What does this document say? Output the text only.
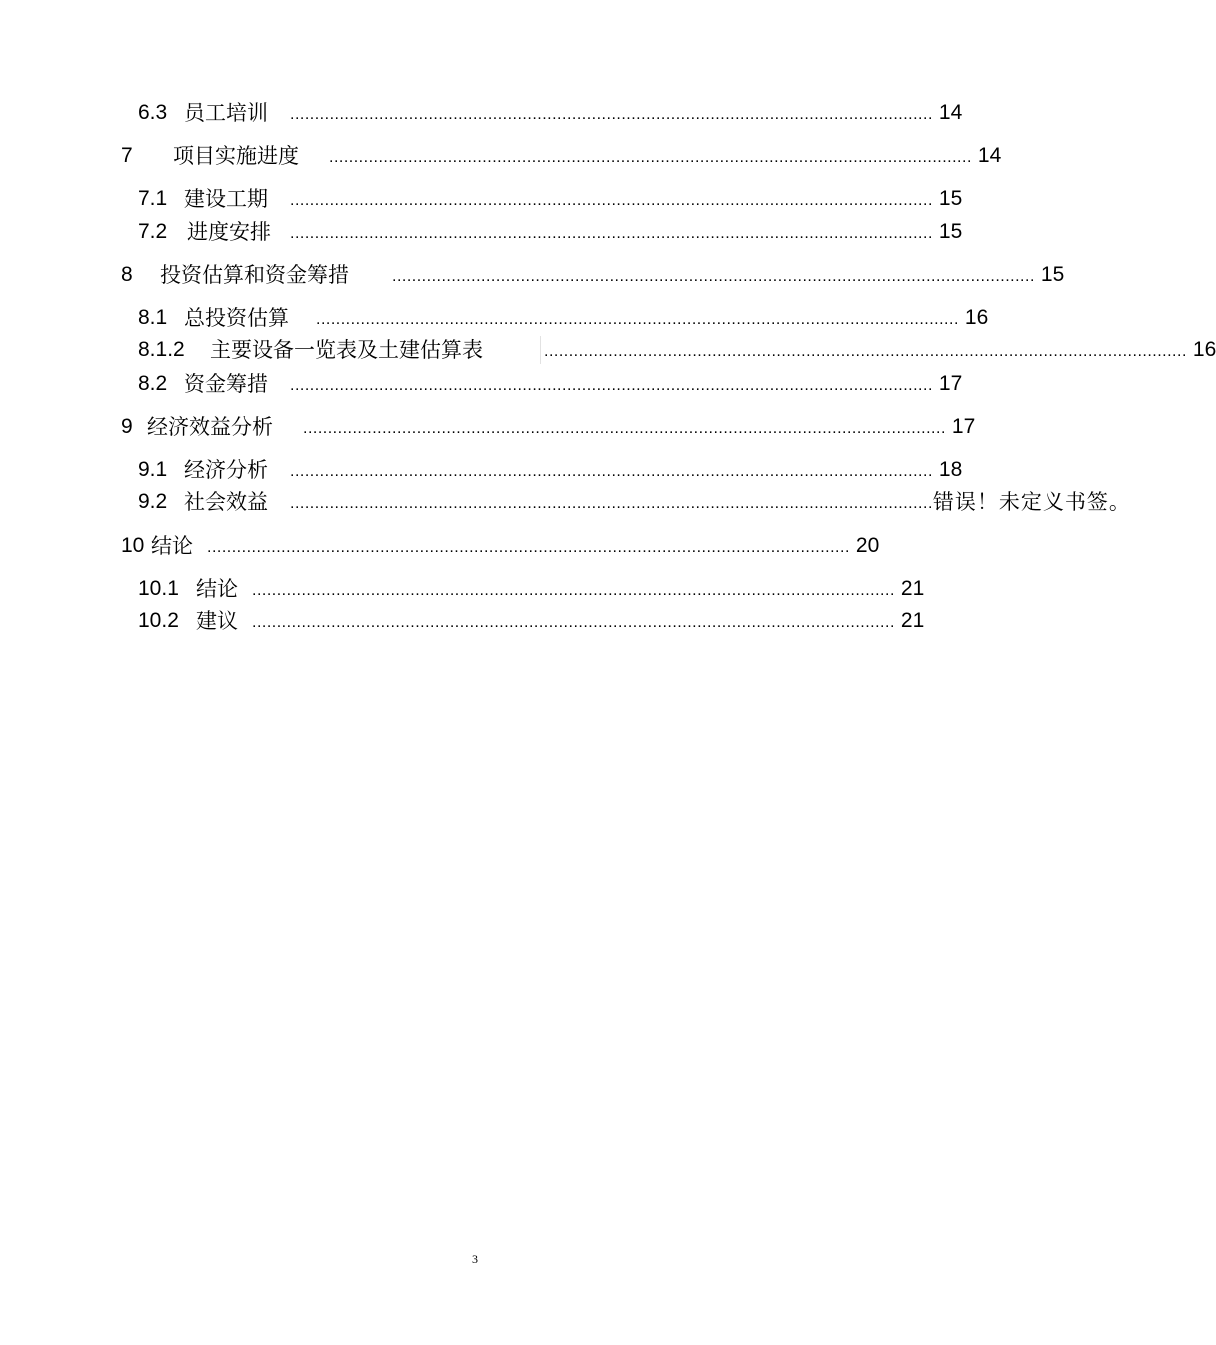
6.3 员工培训	.................................................................................................................................. 14
7	项目实施进度	.................................................................................................................................. 14
7.1 建设工期	.................................................................................................................................. 15
7.2 进度安排	.................................................................................................................................. 15
8	投资估算和资金筹措	.................................................................................................................................. 15
8.1 总投资估算	.................................................................................................................................. 16
8.1.2	主要设备一览表及土建估算表	.................................................................................................................................. 16
8.2 资金筹措	.................................................................................................................................. 17
9 经济效益分析	.................................................................................................................................. 17
9.1 经济分析	.................................................................................................................................. 18
9.2 社会效益	.................................................................................................................................. 错误！未定义书签。
10 结论 .................................................................................................................................. 20
10.1 结论 .................................................................................................................................. 21
10.2 建议 .................................................................................................................................. 21
3
